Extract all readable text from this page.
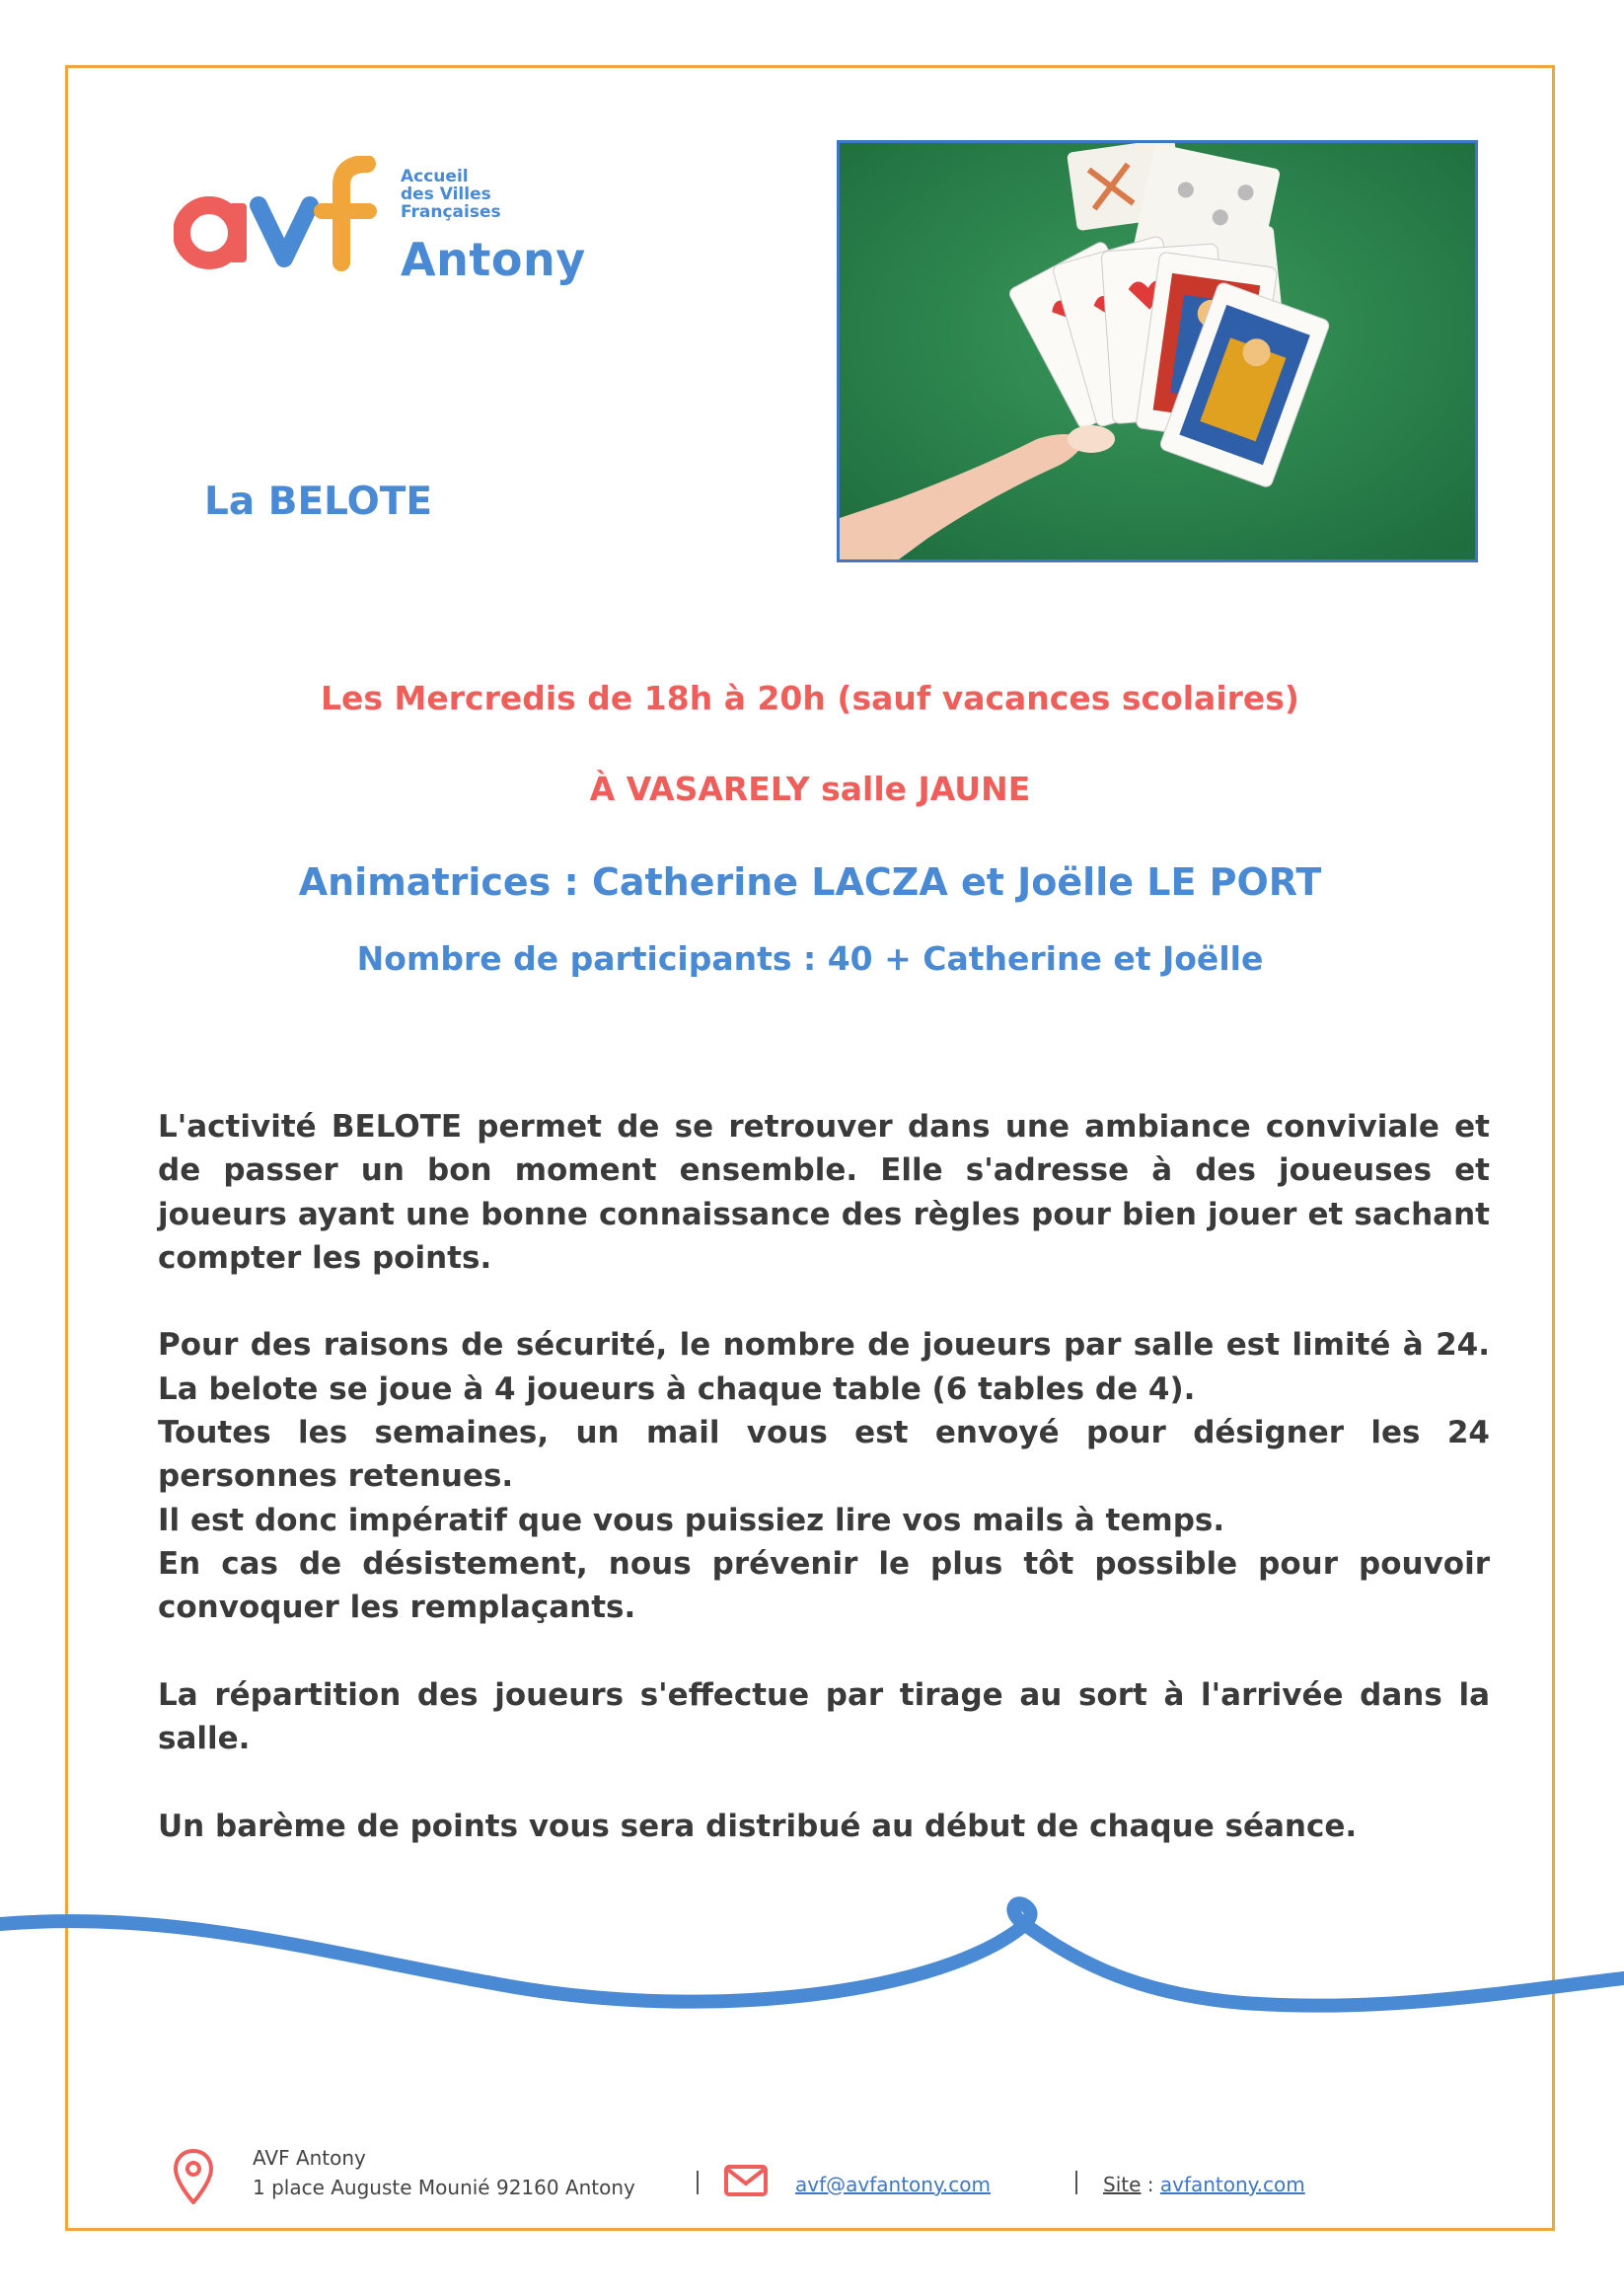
Accueil
des Villes
Françaises
Antony
La BELOTE
Les Mercredis de 18h à 20h (sauf vacances scolaires)
À VASARELY salle JAUNE
Animatrices : Catherine LACZA et Joëlle LE PORT
Nombre de participants : 40 + Catherine et Joëlle

L'activité BELOTE permet de se retrouver dans une ambiance conviviale et de passer un bon moment ensemble. Elle s'adresse à des joueuses et joueurs ayant une bonne connaissance des règles pour bien jouer et sachant compter les points.

Pour des raisons de sécurité, le nombre de joueurs par salle est limité à 24. La belote se joue à 4 joueurs à chaque table (6 tables de 4).

Toutes les semaines, un mail vous est envoyé pour désigner les 24 personnes retenues.

Il est donc impératif que vous puissiez lire vos mails à temps.

En cas de désistement, nous prévenir le plus tôt possible pour pouvoir convoquer les remplaçants.

La répartition des joueurs s'effectue par tirage au sort à l'arrivée dans la salle.

Un barème de points vous sera distribué au début de chaque séance.

AVF Antony
1 place Auguste Mounié 92160 Antony	avf@avfantony.com	Site : avfantony.com
